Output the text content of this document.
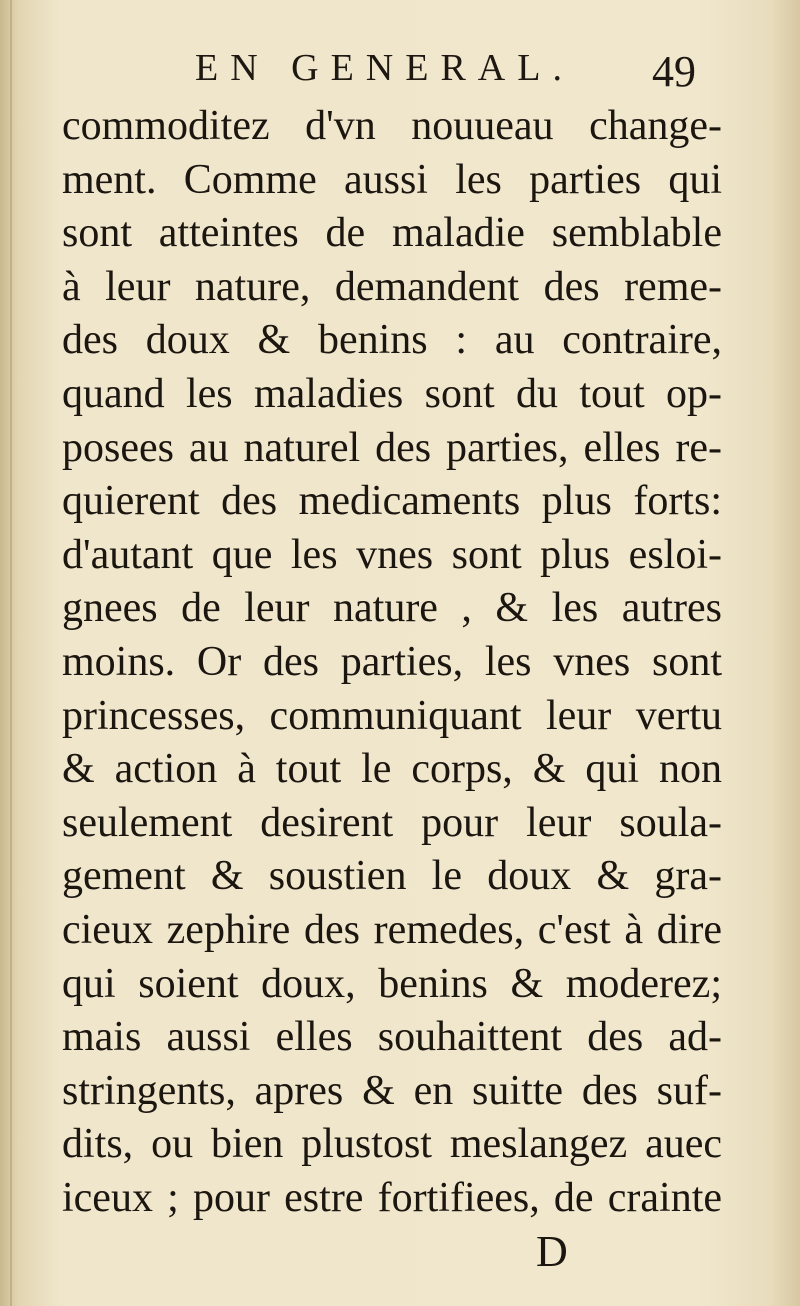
EN GENERAL. 49
commoditez d'vn nouueau change-
ment. Comme aussi les parties qui
sont atteintes de maladie semblable
à leur nature, demandent des reme-
des doux & benins : au contraire,
quand les maladies sont du tout op-
posees au naturel des parties, elles re-
quierent des medicaments plus forts:
d'autant que les vnes sont plus esloi-
gnees de leur nature , & les autres
moins. Or des parties, les vnes sont
princesses, communiquant leur vertu
& action à tout le corps, & qui non
seulement desirent pour leur soula-
gement & soustien le doux & gra-
cieux zephire des remedes, c'est à dire
qui soient doux, benins & moderez;
mais aussi elles souhaittent des ad-
stringents, apres & en suitte des suf-
dits, ou bien plustost meslangez auec
iceux ; pour estre fortifiees, de crainte
D
